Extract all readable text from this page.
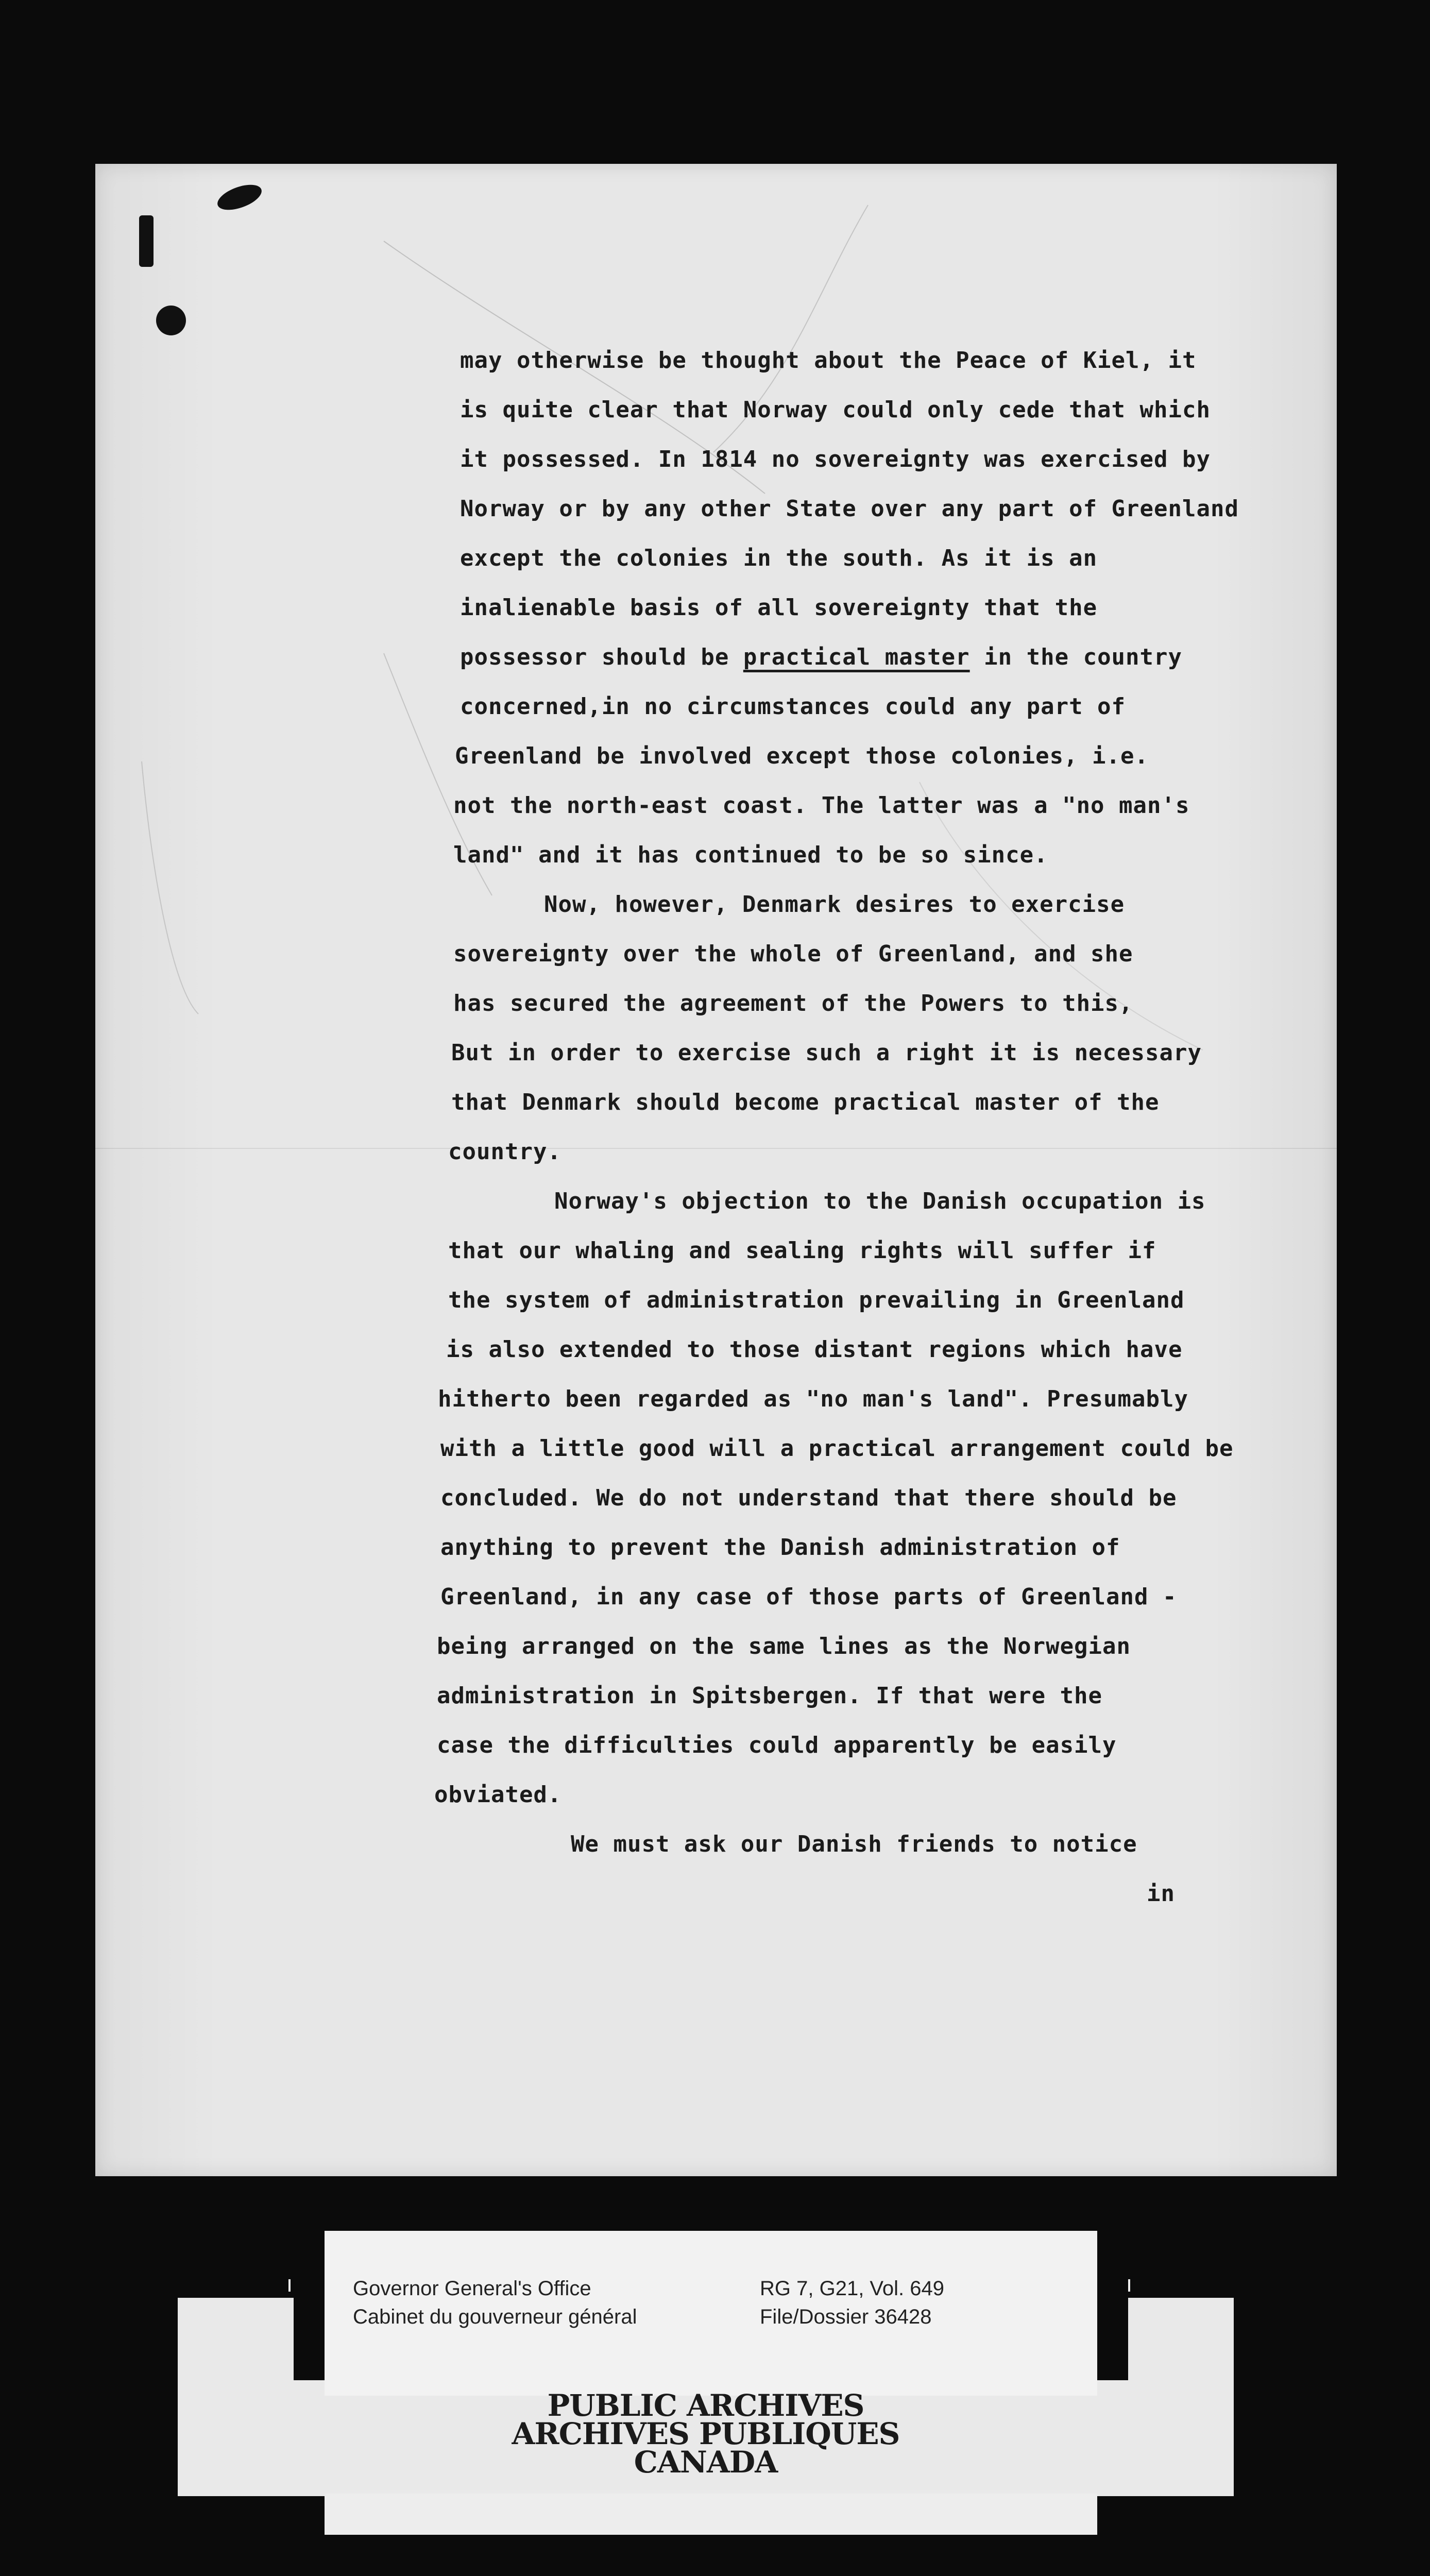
may otherwise be thought about the Peace of Kiel, it

is quite clear that Norway could only cede that which

it possessed. In 1814 no sovereignty was exercised by

Norway or by any other State over any part of Greenland

except the colonies in the south. As it is an

inalienable basis of all sovereignty that the

possessor should be practical master in the country

concerned,in no circumstances could any part of

Greenland be involved except those colonies, i.e.

not the north-east coast. The latter was a "no man's

land" and it has continued to be so since.

Now, however, Denmark desires to exercise

sovereignty over the whole of Greenland, and she

has secured the agreement of the Powers to this,

But in order to exercise such a right it is necessary

that Denmark should become practical master of the

country.

Norway's objection to the Danish occupation is

that our whaling and sealing rights will suffer if

the system of administration prevailing in Greenland

is also extended to those distant regions which have

hitherto been regarded as "no man's land". Presumably

with a little good will a practical arrangement could be

concluded. We do not understand that there should be

anything to prevent the Danish administration of

Greenland, in any case of those parts of Greenland -

being arranged on the same lines as the Norwegian

administration in Spitsbergen. If that were the

case the difficulties could apparently be easily

obviated.

We must ask our Danish friends to notice

in

Governor General's Office
Cabinet du gouverneur général
RG 7, G21, Vol. 649
File/Dossier 36428
PUBLIC ARCHIVES
ARCHIVES PUBLIQUES
CANADA
